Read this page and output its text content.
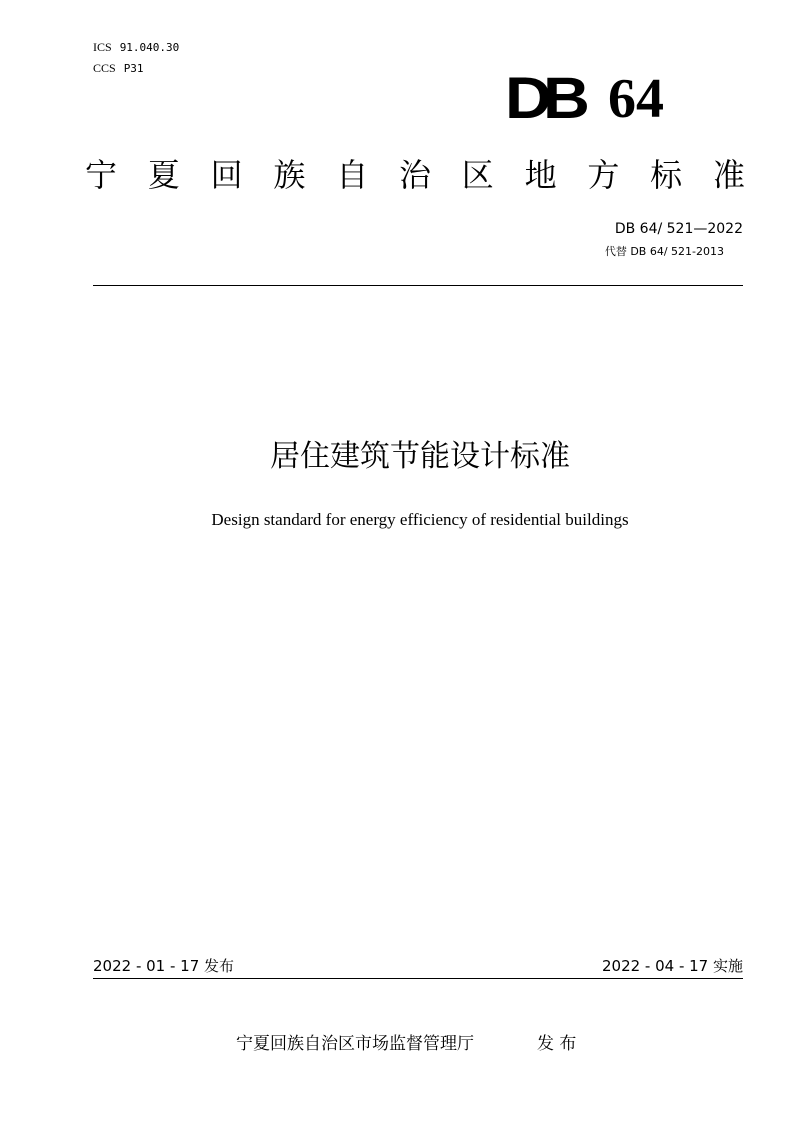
ICS 91.040.30
CCS P31	DB 64
宁 夏 回 族 自 治 区 地 方 标 准
DB 64/ 521—2022
代替 DB 64/ 521-2013
居住建筑节能设计标准
Design standard for energy efficiency of residential buildings
2022 - 01 - 17 发布	2022 - 04 - 17 实施
宁夏回族自治区市场监督管理厅	发 布
